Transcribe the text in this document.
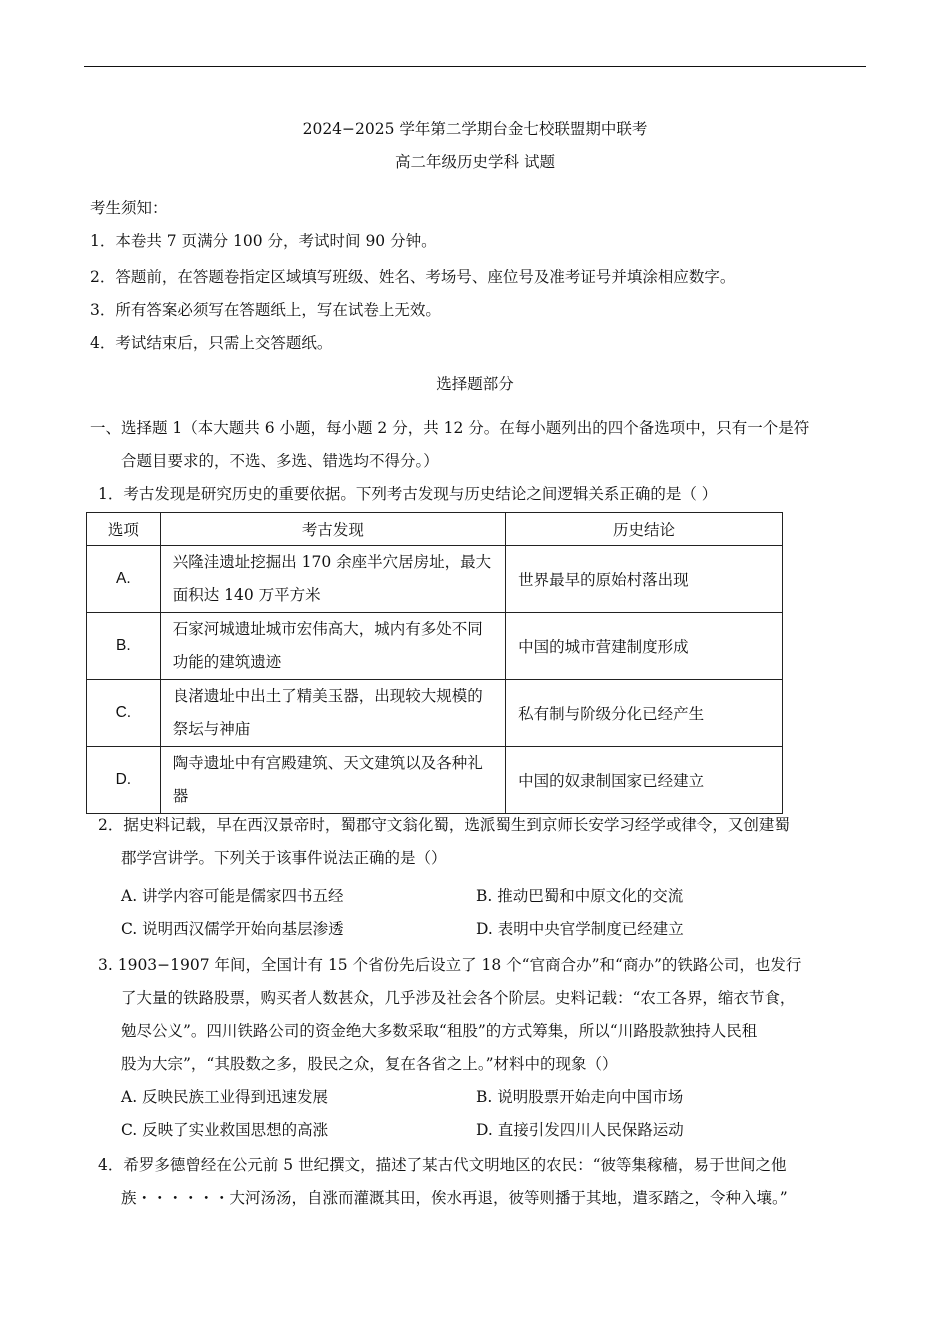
2024−2025 学年第二学期台金七校联盟期中联考
高二年级历史学科 试题
考生须知：
1．本卷共 7 页满分 100 分，考试时间 90 分钟。
2．答题前，在答题卷指定区域填写班级、姓名、考场号、座位号及准考证号并填涂相应数字。
3．所有答案必须写在答题纸上，写在试卷上无效。
4．考试结束后，只需上交答题纸。
选择题部分
一、选择题 1（本大题共 6 小题，每小题 2 分，共 12 分。在每小题列出的四个备选项中，只有一个是符
合题目要求的，不选、多选、错选均不得分。）
1．考古发现是研究历史的重要依据。下列考古发现与历史结论之间逻辑关系正确的是（ ）
选项	考古发现	历史结论
A.	兴隆洼遗址挖掘出 170 余座半穴居房址，最大面积达 140 万平方米	世界最早的原始村落出现
B.	石家河城遗址城市宏伟高大，城内有多处不同功能的建筑遗迹	中国的城市营建制度形成
C.	良渚遗址中出土了精美玉器，出现较大规模的祭坛与神庙	私有制与阶级分化已经产生
D.	陶寺遗址中有宫殿建筑、天文建筑以及各种礼器	中国的奴隶制国家已经建立
2．据史料记载，早在西汉景帝时，蜀郡守文翁化蜀，选派蜀生到京师长安学习经学或律令，又创建蜀
郡学宫讲学。下列关于该事件说法正确的是（）
A. 讲学内容可能是儒家四书五经	B. 推动巴蜀和中原文化的交流
C. 说明西汉儒学开始向基层渗透	D. 表明中央官学制度已经建立
3. 1903−1907 年间，全国计有 15 个省份先后设立了 18 个“官商合办”和“商办”的铁路公司，也发行
了大量的铁路股票，购买者人数甚众，几乎涉及社会各个阶层。史料记载：“农工各界，缩衣节食，
勉尽公义”。四川铁路公司的资金绝大多数采取“租股”的方式筹集，所以“川路股款独持人民租
股为大宗”，“其股数之多，股民之众，复在各省之上。”材料中的现象（）
A. 反映民族工业得到迅速发展	B. 说明股票开始走向中国市场
C. 反映了实业救国思想的高涨	D. 直接引发四川人民保路运动
4．希罗多德曾经在公元前 5 世纪撰文，描述了某古代文明地区的农民：“彼等集稼穑，易于世间之他
族・・・・・・大河汤汤，自涨而灌溉其田，俟水再退，彼等则播于其地，遣豕踏之，令种入壤。”
